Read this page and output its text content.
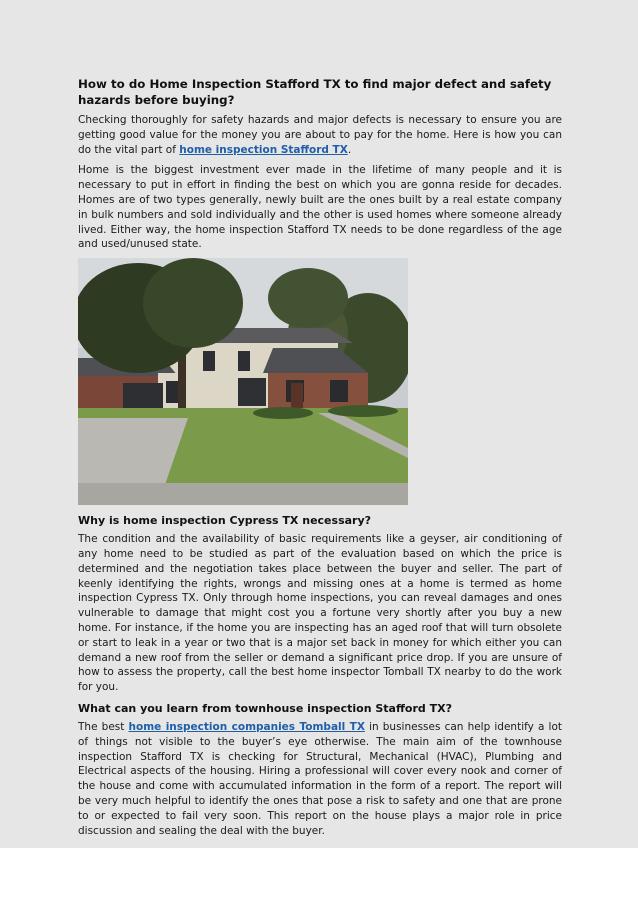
How to do Home Inspection Stafford TX to find major defect and safety hazards before buying?

Checking thoroughly for safety hazards and major defects is necessary to ensure you are getting good value for the money you are about to pay for the home. Here is how you can do the vital part of home inspection Stafford TX.

Home is the biggest investment ever made in the lifetime of many people and it is necessary to put in effort in finding the best on which you are gonna reside for decades. Homes are of two types generally, newly built are the ones built by a real estate company in bulk numbers and sold individually and the other is used homes where someone already lived. Either way, the home inspection Stafford TX needs to be done regardless of the age and used/unused state.

Why is home inspection Cypress TX necessary?

The condition and the availability of basic requirements like a geyser, air conditioning of any home need to be studied as part of the evaluation based on which the price is determined and the negotiation takes place between the buyer and seller. The part of keenly identifying the rights, wrongs and missing ones at a home is termed as home inspection Cypress TX. Only through home inspections, you can reveal damages and ones vulnerable to damage that might cost you a fortune very shortly after you buy a new home. For instance, if the home you are inspecting has an aged roof that will turn obsolete or start to leak in a year or two that is a major set back in money for which either you can demand a new roof from the seller or demand a significant price drop. If you are unsure of how to assess the property, call the best home inspector Tomball TX nearby to do the work for you.

What can you learn from townhouse inspection Stafford TX?

The best home inspection companies Tomball TX in businesses can help identify a lot of things not visible to the buyer’s eye otherwise. The main aim of the townhouse inspection Stafford TX is checking for Structural, Mechanical (HVAC), Plumbing and Electrical aspects of the housing. Hiring a professional will cover every nook and corner of the house and come with accumulated information in the form of a report. The report will be very much helpful to identify the ones that pose a risk to safety and one that are prone to or expected to fail very soon. This report on the house plays a major role in price discussion and sealing the deal with the buyer.
